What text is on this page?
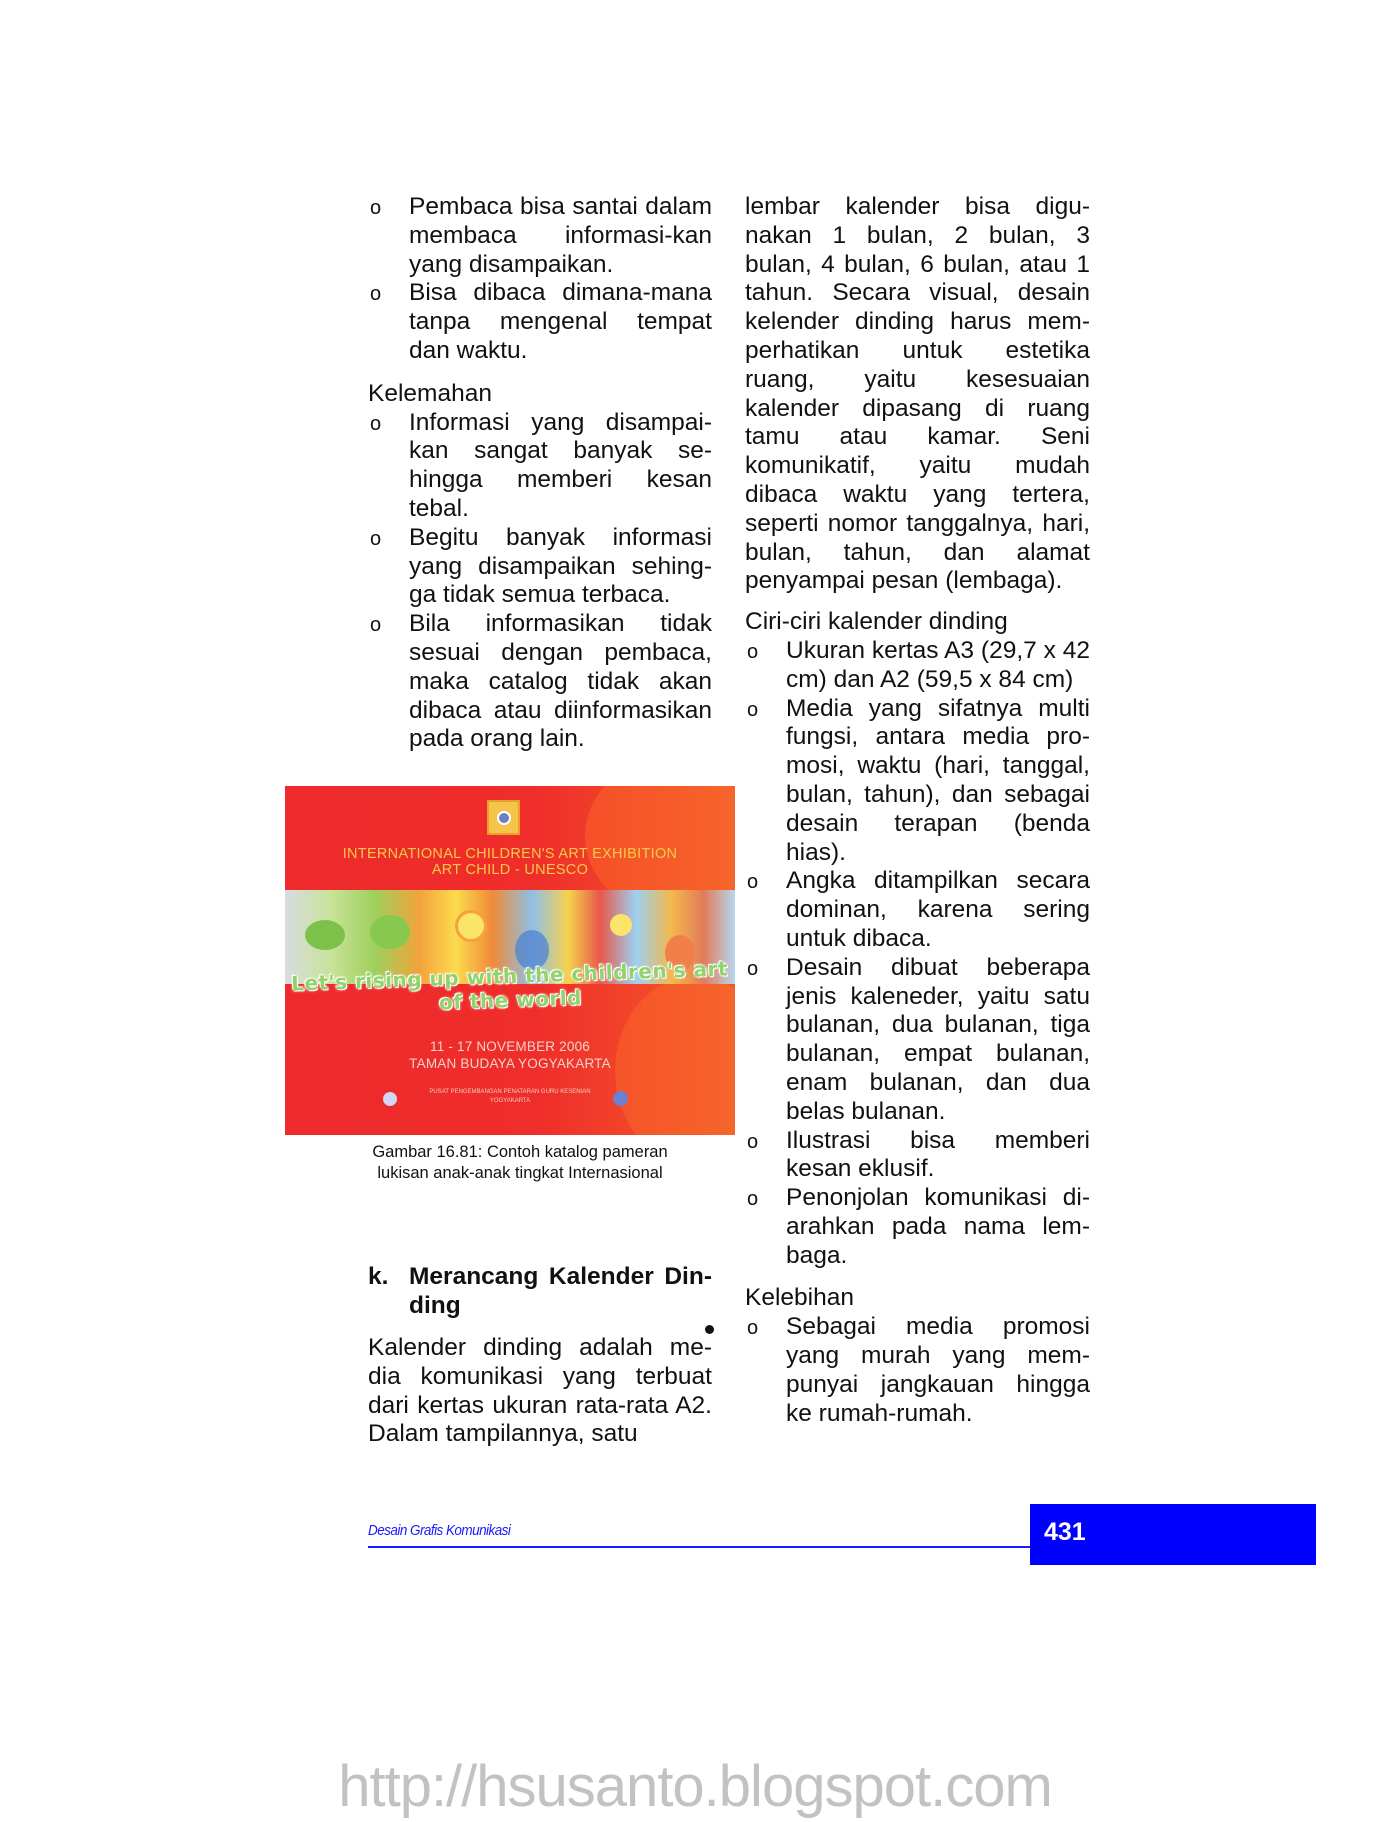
o Pembaca bisa santai dalam membaca informasi-kan yang disampaikan.
o Bisa dibaca dimana-mana tanpa mengenal tempat dan waktu.
Kelemahan
o Informasi yang disampai-kan sangat banyak se-hingga memberi kesan tebal.
o Begitu banyak informasi yang disampaikan sehing-ga tidak semua terbaca.
o Bila informasikan tidak sesuai dengan pembaca, maka catalog tidak akan dibaca atau diinformasikan pada orang lain.
INTERNATIONAL CHILDREN'S ART EXHIBITION
ART CHILD - UNESCO
Let's rising up with the children's art of the world
11 - 17 NOVEMBER 2006
TAMAN BUDAYA YOGYAKARTA
PUSAT PENGEMBANGAN PENATARAN GURU KESENIAN
YOGYAKARTA
Gambar 16.81: Contoh katalog pameran lukisan anak-anak tingkat Internasional
k. Merancang Kalender Din-ding

Kalender dinding adalah me-dia komunikasi yang terbuat dari kertas ukuran rata-rata A2. Dalam tampilannya, satu

lembar kalender bisa digu-nakan 1 bulan, 2 bulan, 3 bulan, 4 bulan, 6 bulan, atau 1 tahun. Secara visual, desain kelender dinding harus mem-perhatikan untuk estetika ruang, yaitu kesesuaian kalender dipasang di ruang tamu atau kamar. Seni komunikatif, yaitu mudah dibaca waktu yang tertera, seperti nomor tanggalnya, hari, bulan, tahun, dan alamat penyampai pesan (lembaga).

Ciri-ciri kalender dinding
o Ukuran kertas A3 (29,7 x 42 cm) dan A2 (59,5 x 84 cm)
o Media yang sifatnya multi fungsi, antara media pro-mosi, waktu (hari, tanggal, bulan, tahun), dan sebagai desain terapan (benda hias).
o Angka ditampilkan secara dominan, karena sering untuk dibaca.
o Desain dibuat beberapa jenis kaleneder, yaitu satu bulanan, dua bulanan, tiga bulanan, empat bulanan, enam bulanan, dan dua belas bulanan.
o Ilustrasi bisa memberi kesan eklusif.
o Penonjolan komunikasi di-arahkan pada nama lem-baga.
Kelebihan
o Sebagai media promosi yang murah yang mem-punyai jangkauan hingga ke rumah-rumah.
Desain Grafis Komunikasi	431
http://hsusanto.blogspot.com
